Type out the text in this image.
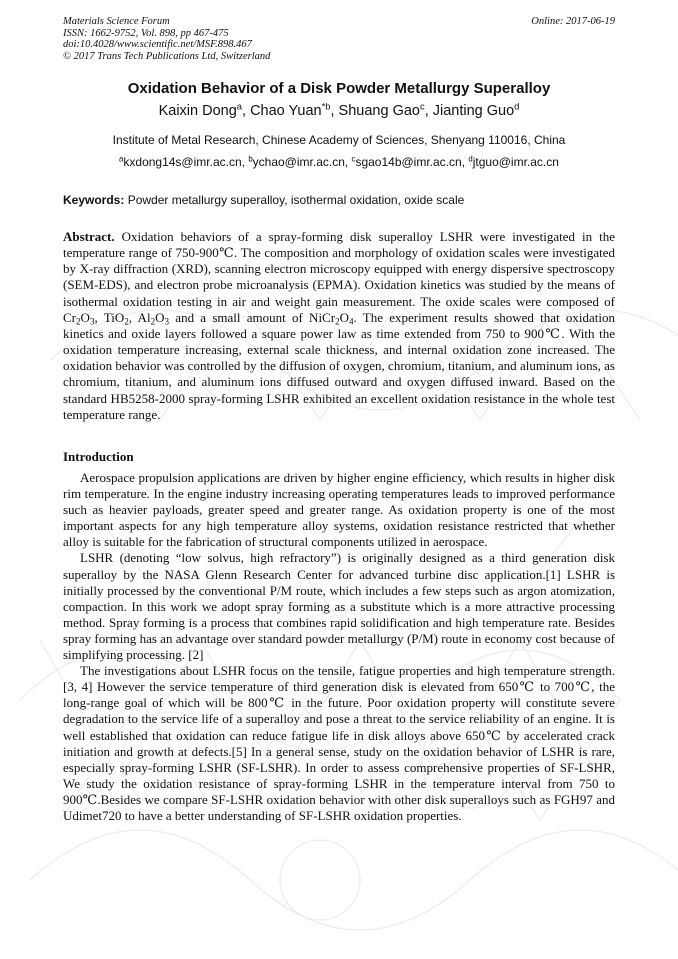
Materials Science Forum
ISSN: 1662-9752, Vol. 898, pp 467-475
doi:10.4028/www.scientific.net/MSF.898.467
© 2017 Trans Tech Publications Ltd, Switzerland
Online: 2017-06-19
Oxidation Behavior of a Disk Powder Metallurgy Superalloy
Kaixin Dong$^a$, Chao Yuan$^{*b}$, Shuang Gao$^c$, Jianting Guo$^d$
Institute of Metal Research, Chinese Academy of Sciences, Shenyang 110016, China
$^a$kxdong14s@imr.ac.cn, $^b$ychao@imr.ac.cn, $^c$sgao14b@imr.ac.cn, $^d$jtguo@imr.ac.cn
Keywords: Powder metallurgy superalloy, isothermal oxidation, oxide scale
Abstract. Oxidation behaviors of a spray-forming disk superalloy LSHR were investigated in the temperature range of 750-900℃. The composition and morphology of oxidation scales were investigated by X-ray diffraction (XRD), scanning electron microscopy equipped with energy dispersive spectroscopy (SEM-EDS), and electron probe microanalysis (EPMA). Oxidation kinetics was studied by the means of isothermal oxidation testing in air and weight gain measurement. The oxide scales were composed of $Cr_2O_3$, TiO$_2$, $Al_2O_3$ and a small amount of $NiCr_2O_4$. The experiment results showed that oxidation kinetics and oxide layers followed a square power law as time extended from 750 to 900℃. With the oxidation temperature increasing, external scale thickness, and internal oxidation zone increased. The oxidation behavior was controlled by the diffusion of oxygen, chromium, titanium, and aluminum ions, as chromium, titanium, and aluminum ions diffused outward and oxygen diffused inward. Based on the standard HB5258-2000 spray-forming LSHR exhibited an excellent oxidation resistance in the whole test temperature range.
Introduction

Aerospace propulsion applications are driven by higher engine efficiency, which results in higher disk rim temperature. In the engine industry increasing operating temperatures leads to improved performance such as heavier payloads, greater speed and greater range. As oxidation property is one of the most important aspects for any high temperature alloy systems, oxidation resistance restricted that whether alloy is suitable for the fabrication of structural components utilized in aerospace.

LSHR (denoting “low solvus, high refractory”) is originally designed as a third generation disk superalloy by the NASA Glenn Research Center for advanced turbine disc application.[1] LSHR is initially processed by the conventional P/M route, which includes a few steps such as argon atomization, compaction. In this work we adopt spray forming as a substitute which is a more attractive processing method. Spray forming is a process that combines rapid solidification and high temperature rate. Besides spray forming has an advantage over standard powder metallurgy (P/M) route in economy cost because of simplifying processing. [2]

The investigations about LSHR focus on the tensile, fatigue properties and high temperature strength. [3, 4] However the service temperature of third generation disk is elevated from 650℃ to 700℃, the long-range goal of which will be 800℃ in the future. Poor oxidation property will constitute severe degradation to the service life of a superalloy and pose a threat to the service reliability of an engine. It is well established that oxidation can reduce fatigue life in disk alloys above 650℃ by accelerated crack initiation and growth at defects.[5] In a general sense, study on the oxidation behavior of LSHR is rare, especially spray-forming LSHR (SF-LSHR). In order to assess comprehensive properties of SF-LSHR, We study the oxidation resistance of spray-forming LSHR in the temperature interval from 750 to 900℃.Besides we compare SF-LSHR oxidation behavior with other disk superalloys such as FGH97 and Udimet720 to have a better understanding of SF-LSHR oxidation properties.
